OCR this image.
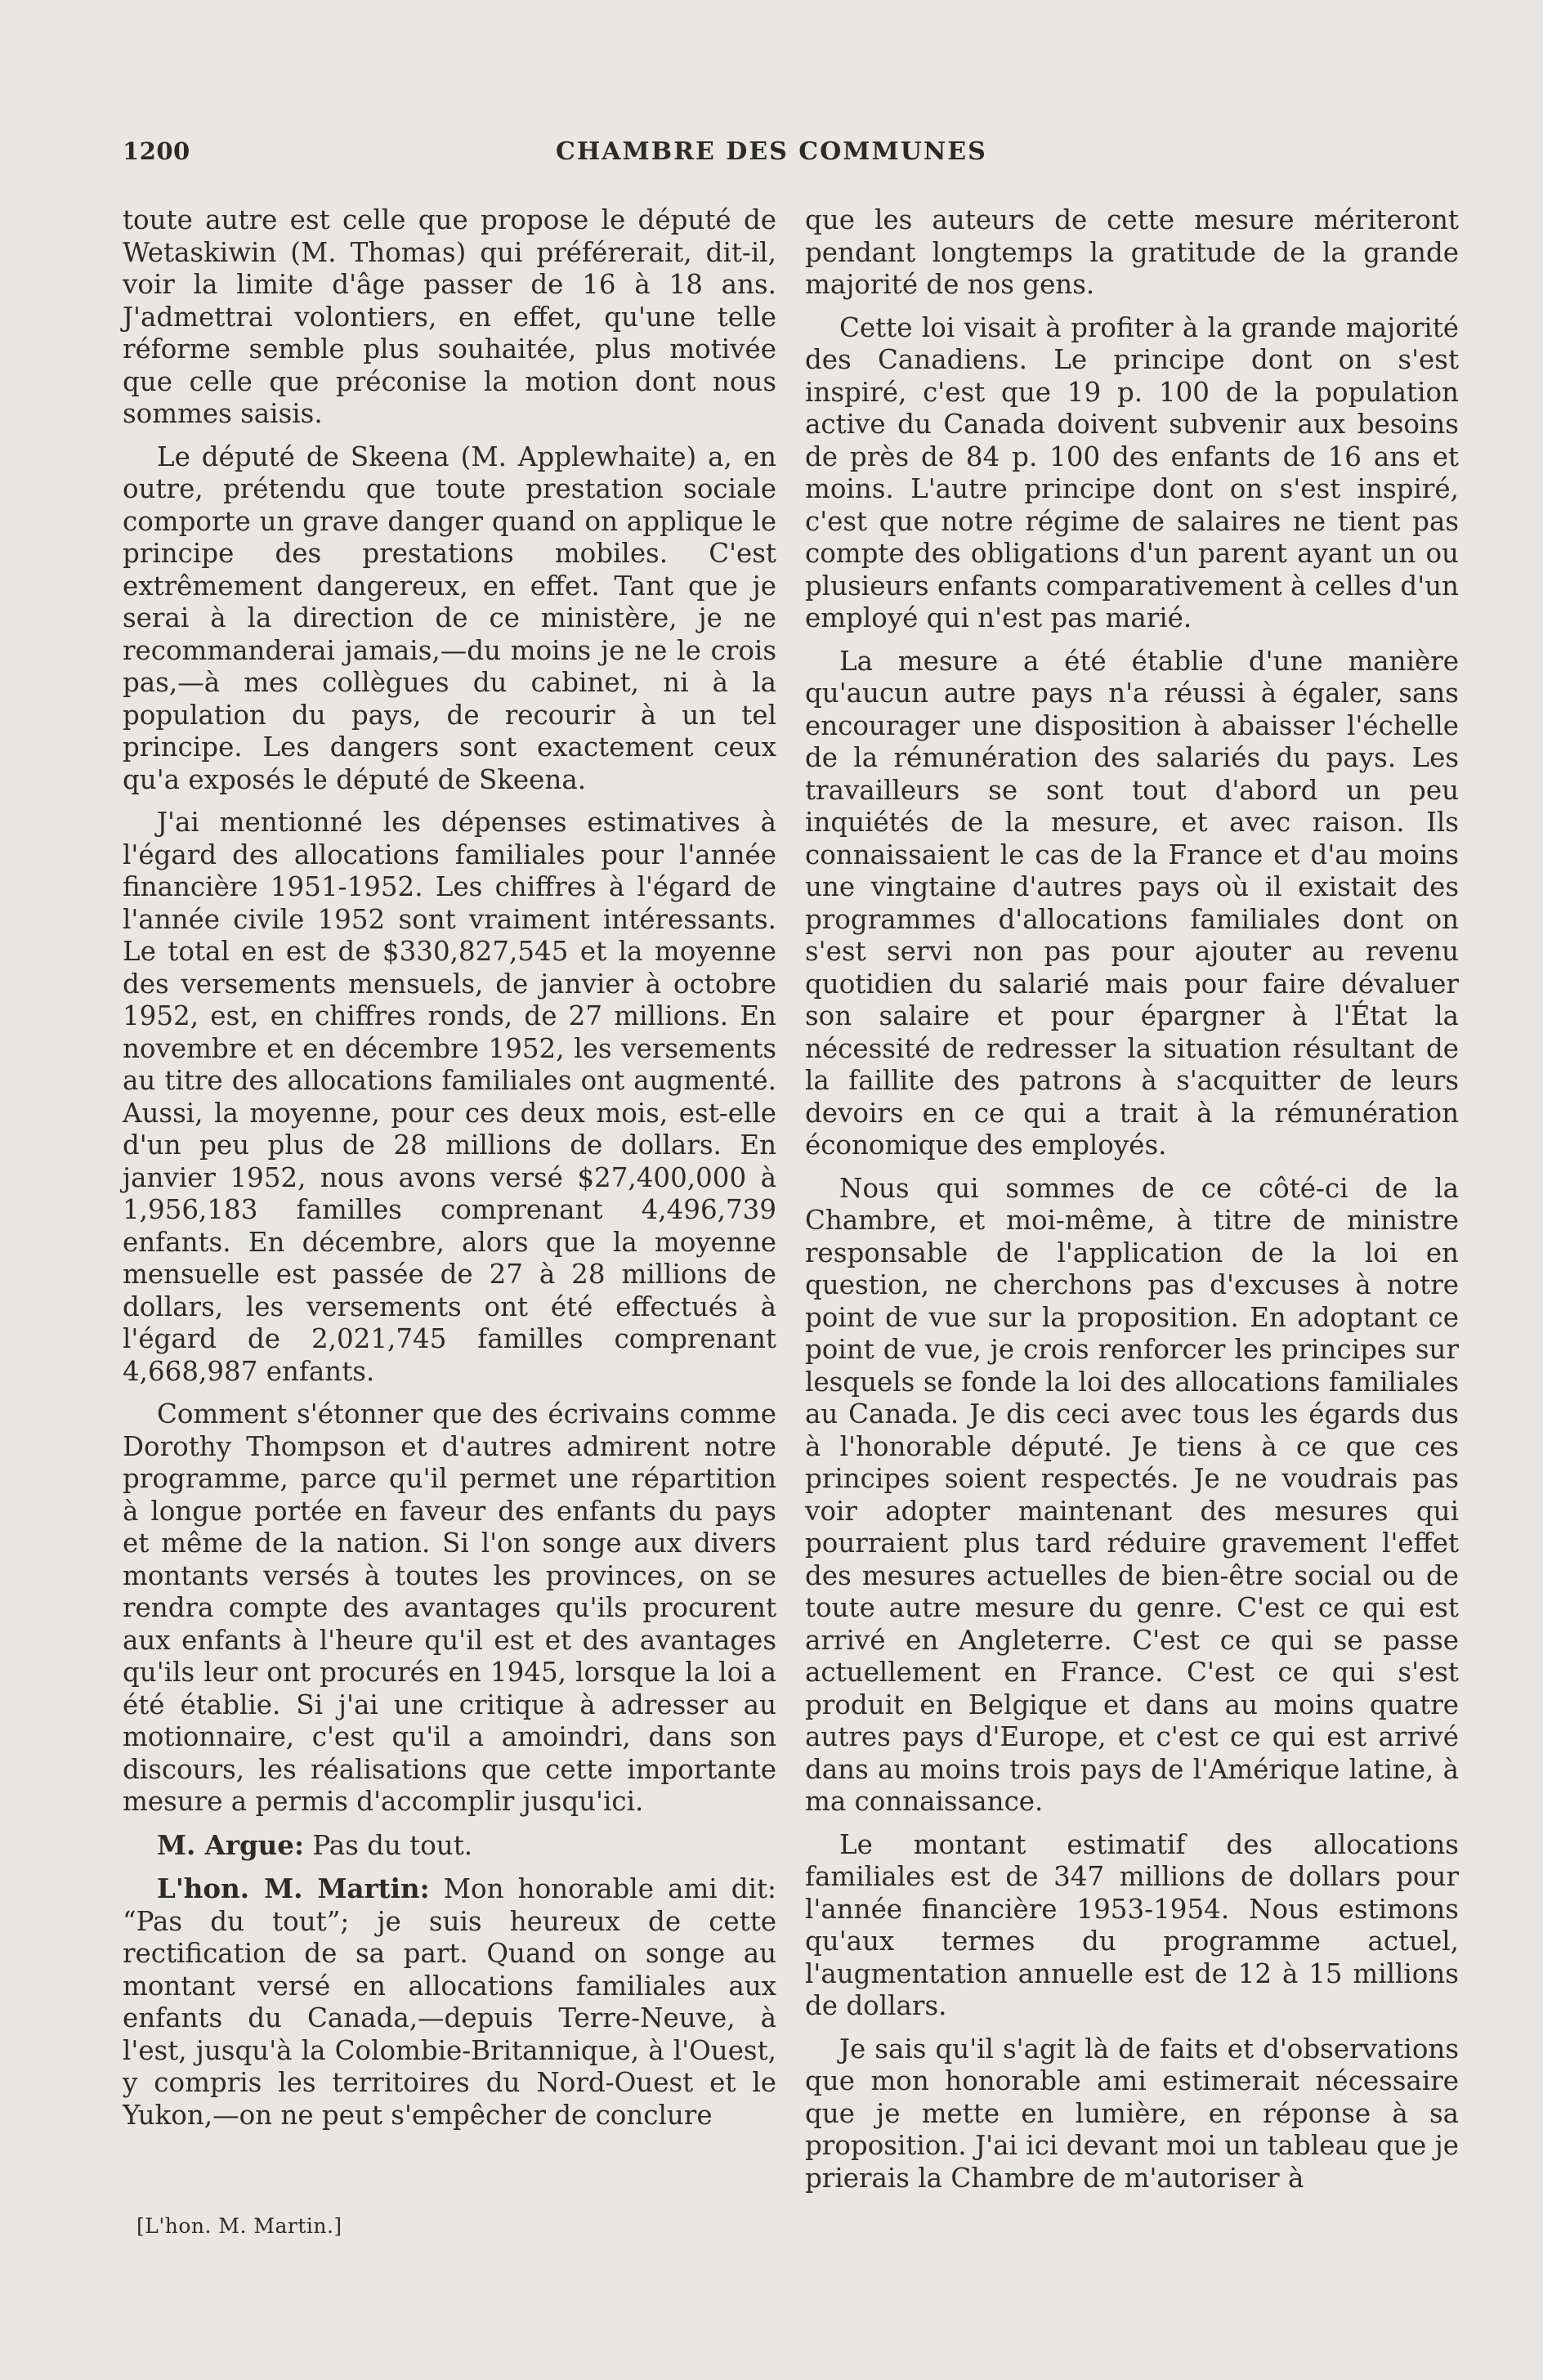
1200	CHAMBRE DES COMMUNES

toute autre est celle que propose le député de Wetaskiwin (M. Thomas) qui préférerait, dit-il, voir la limite d'âge passer de 16 à 18 ans. J'admettrai volontiers, en effet, qu'une telle réforme semble plus souhaitée, plus motivée que celle que préconise la motion dont nous sommes saisis.

Le député de Skeena (M. Applewhaite) a, en outre, prétendu que toute prestation sociale comporte un grave danger quand on applique le principe des prestations mobiles. C'est extrêmement dangereux, en effet. Tant que je serai à la direction de ce ministère, je ne recommanderai jamais,—du moins je ne le crois pas,—à mes collègues du cabinet, ni à la population du pays, de recourir à un tel principe. Les dangers sont exactement ceux qu'a exposés le député de Skeena.

J'ai mentionné les dépenses estimatives à l'égard des allocations familiales pour l'année financière 1951-1952. Les chiffres à l'égard de l'année civile 1952 sont vraiment intéressants. Le total en est de $330,827,545 et la moyenne des versements mensuels, de janvier à octobre 1952, est, en chiffres ronds, de 27 millions. En novembre et en décembre 1952, les versements au titre des allocations familiales ont augmenté. Aussi, la moyenne, pour ces deux mois, est-elle d'un peu plus de 28 millions de dollars. En janvier 1952, nous avons versé $27,400,000 à 1,956,183 familles comprenant 4,496,739 enfants. En décembre, alors que la moyenne mensuelle est passée de 27 à 28 millions de dollars, les versements ont été effectués à l'égard de 2,021,745 familles comprenant 4,668,987 enfants.

Comment s'étonner que des écrivains comme Dorothy Thompson et d'autres admirent notre programme, parce qu'il permet une répartition à longue portée en faveur des enfants du pays et même de la nation. Si l'on songe aux divers montants versés à toutes les provinces, on se rendra compte des avantages qu'ils procurent aux enfants à l'heure qu'il est et des avantages qu'ils leur ont procurés en 1945, lorsque la loi a été établie. Si j'ai une critique à adresser au motionnaire, c'est qu'il a amoindri, dans son discours, les réalisations que cette importante mesure a permis d'accomplir jusqu'ici.

M. Argue: Pas du tout.

L'hon. M. Martin: Mon honorable ami dit: “Pas du tout”; je suis heureux de cette rectification de sa part. Quand on songe au montant versé en allocations familiales aux enfants du Canada,—depuis Terre-Neuve, à l'est, jusqu'à la Colombie-Britannique, à l'Ouest, y compris les territoires du Nord-Ouest et le Yukon,—on ne peut s'empêcher de conclure

que les auteurs de cette mesure mériteront pendant longtemps la gratitude de la grande majorité de nos gens.

Cette loi visait à profiter à la grande majorité des Canadiens. Le principe dont on s'est inspiré, c'est que 19 p. 100 de la population active du Canada doivent subvenir aux besoins de près de 84 p. 100 des enfants de 16 ans et moins. L'autre principe dont on s'est inspiré, c'est que notre régime de salaires ne tient pas compte des obligations d'un parent ayant un ou plusieurs enfants comparativement à celles d'un employé qui n'est pas marié.

La mesure a été établie d'une manière qu'aucun autre pays n'a réussi à égaler, sans encourager une disposition à abaisser l'échelle de la rémunération des salariés du pays. Les travailleurs se sont tout d'abord un peu inquiétés de la mesure, et avec raison. Ils connaissaient le cas de la France et d'au moins une vingtaine d'autres pays où il existait des programmes d'allocations familiales dont on s'est servi non pas pour ajouter au revenu quotidien du salarié mais pour faire dévaluer son salaire et pour épargner à l'État la nécessité de redresser la situation résultant de la faillite des patrons à s'acquitter de leurs devoirs en ce qui a trait à la rémunération économique des employés.

Nous qui sommes de ce côté-ci de la Chambre, et moi-même, à titre de ministre responsable de l'application de la loi en question, ne cherchons pas d'excuses à notre point de vue sur la proposition. En adoptant ce point de vue, je crois renforcer les principes sur lesquels se fonde la loi des allocations familiales au Canada. Je dis ceci avec tous les égards dus à l'honorable député. Je tiens à ce que ces principes soient respectés. Je ne voudrais pas voir adopter maintenant des mesures qui pourraient plus tard réduire gravement l'effet des mesures actuelles de bien-être social ou de toute autre mesure du genre. C'est ce qui est arrivé en Angleterre. C'est ce qui se passe actuellement en France. C'est ce qui s'est produit en Belgique et dans au moins quatre autres pays d'Europe, et c'est ce qui est arrivé dans au moins trois pays de l'Amérique latine, à ma connaissance.

Le montant estimatif des allocations familiales est de 347 millions de dollars pour l'année financière 1953-1954. Nous estimons qu'aux termes du programme actuel, l'augmentation annuelle est de 12 à 15 millions de dollars.

Je sais qu'il s'agit là de faits et d'observations que mon honorable ami estimerait nécessaire que je mette en lumière, en réponse à sa proposition. J'ai ici devant moi un tableau que je prierais la Chambre de m'autoriser à

[L'hon. M. Martin.]
